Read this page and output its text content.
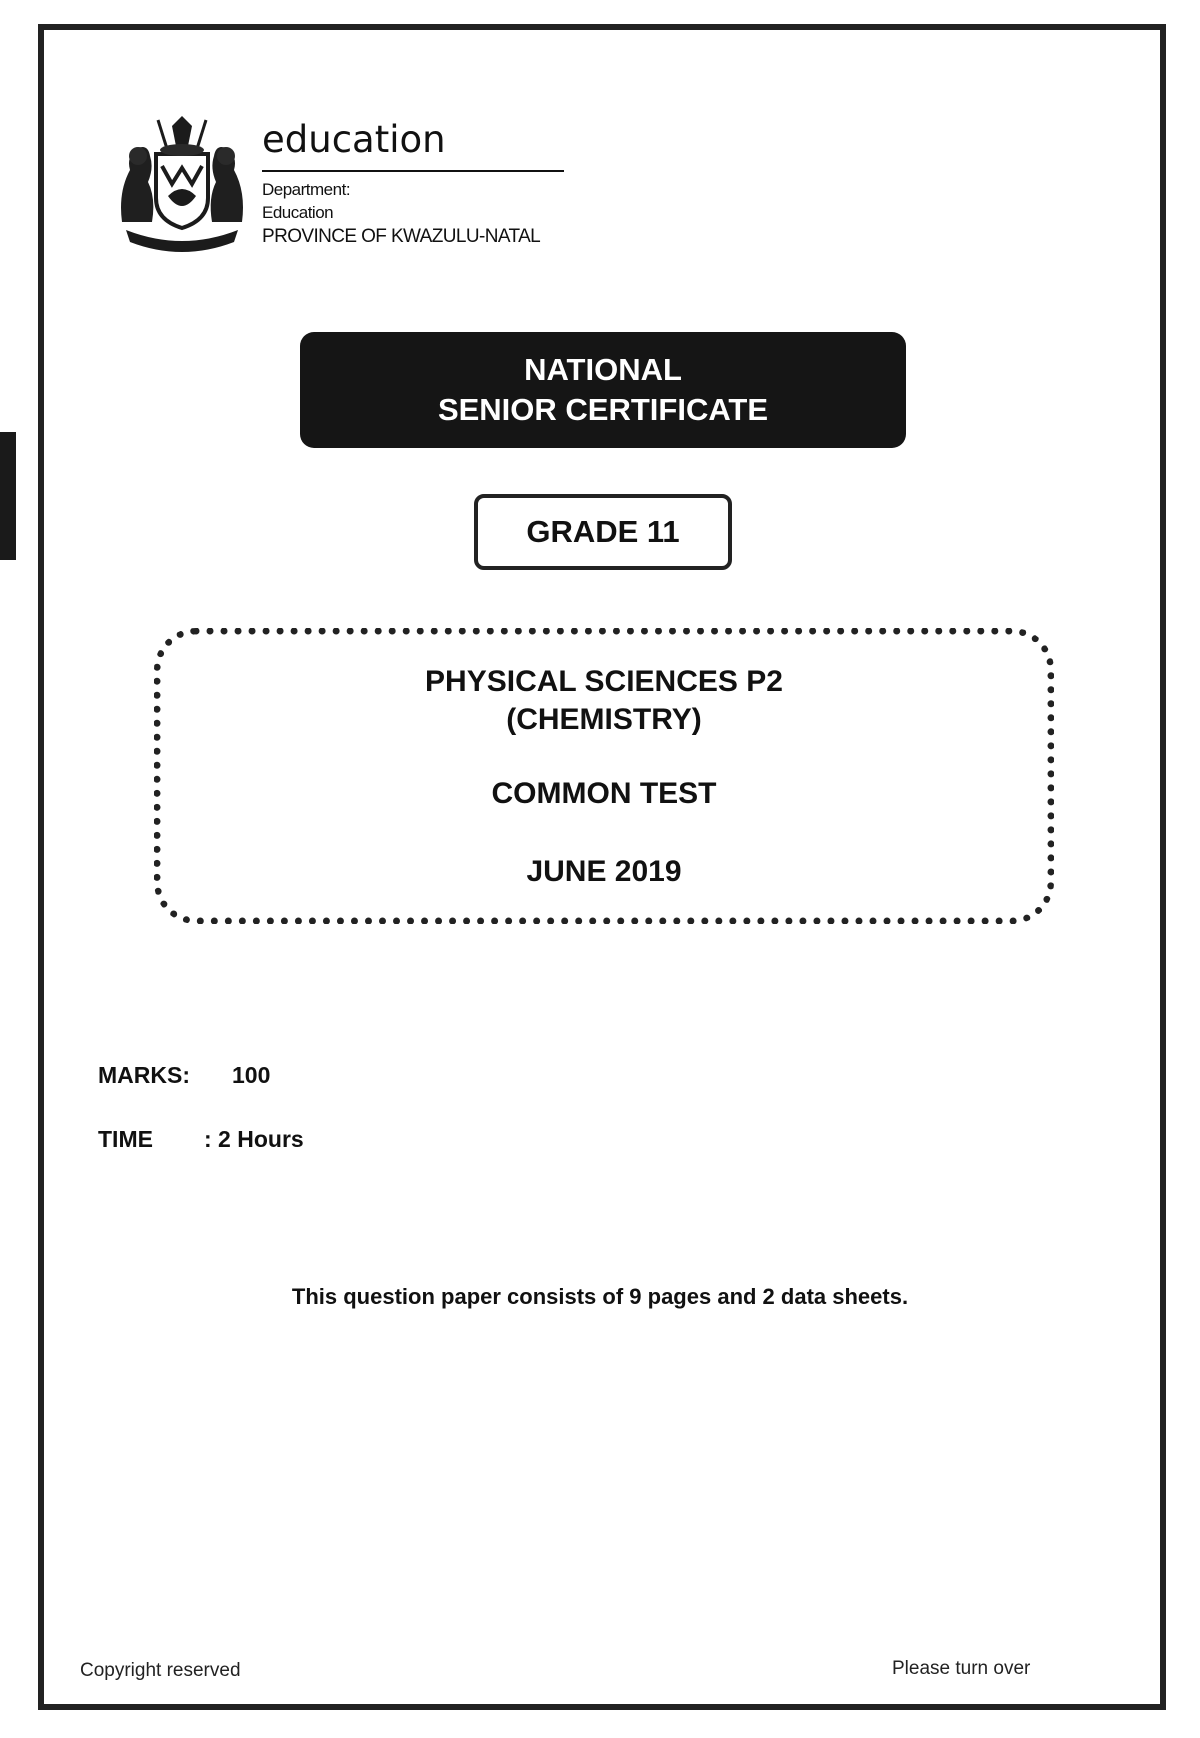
education
Department:
Education
PROVINCE OF KWAZULU-NATAL
NATIONAL
SENIOR CERTIFICATE
GRADE 11
PHYSICAL SCIENCES P2
(CHEMISTRY)
COMMON TEST
JUNE 2019
MARKS: 100
TIME : 2 Hours
This question paper consists of 9 pages and 2 data sheets.
Copyright reserved	Please turn over
